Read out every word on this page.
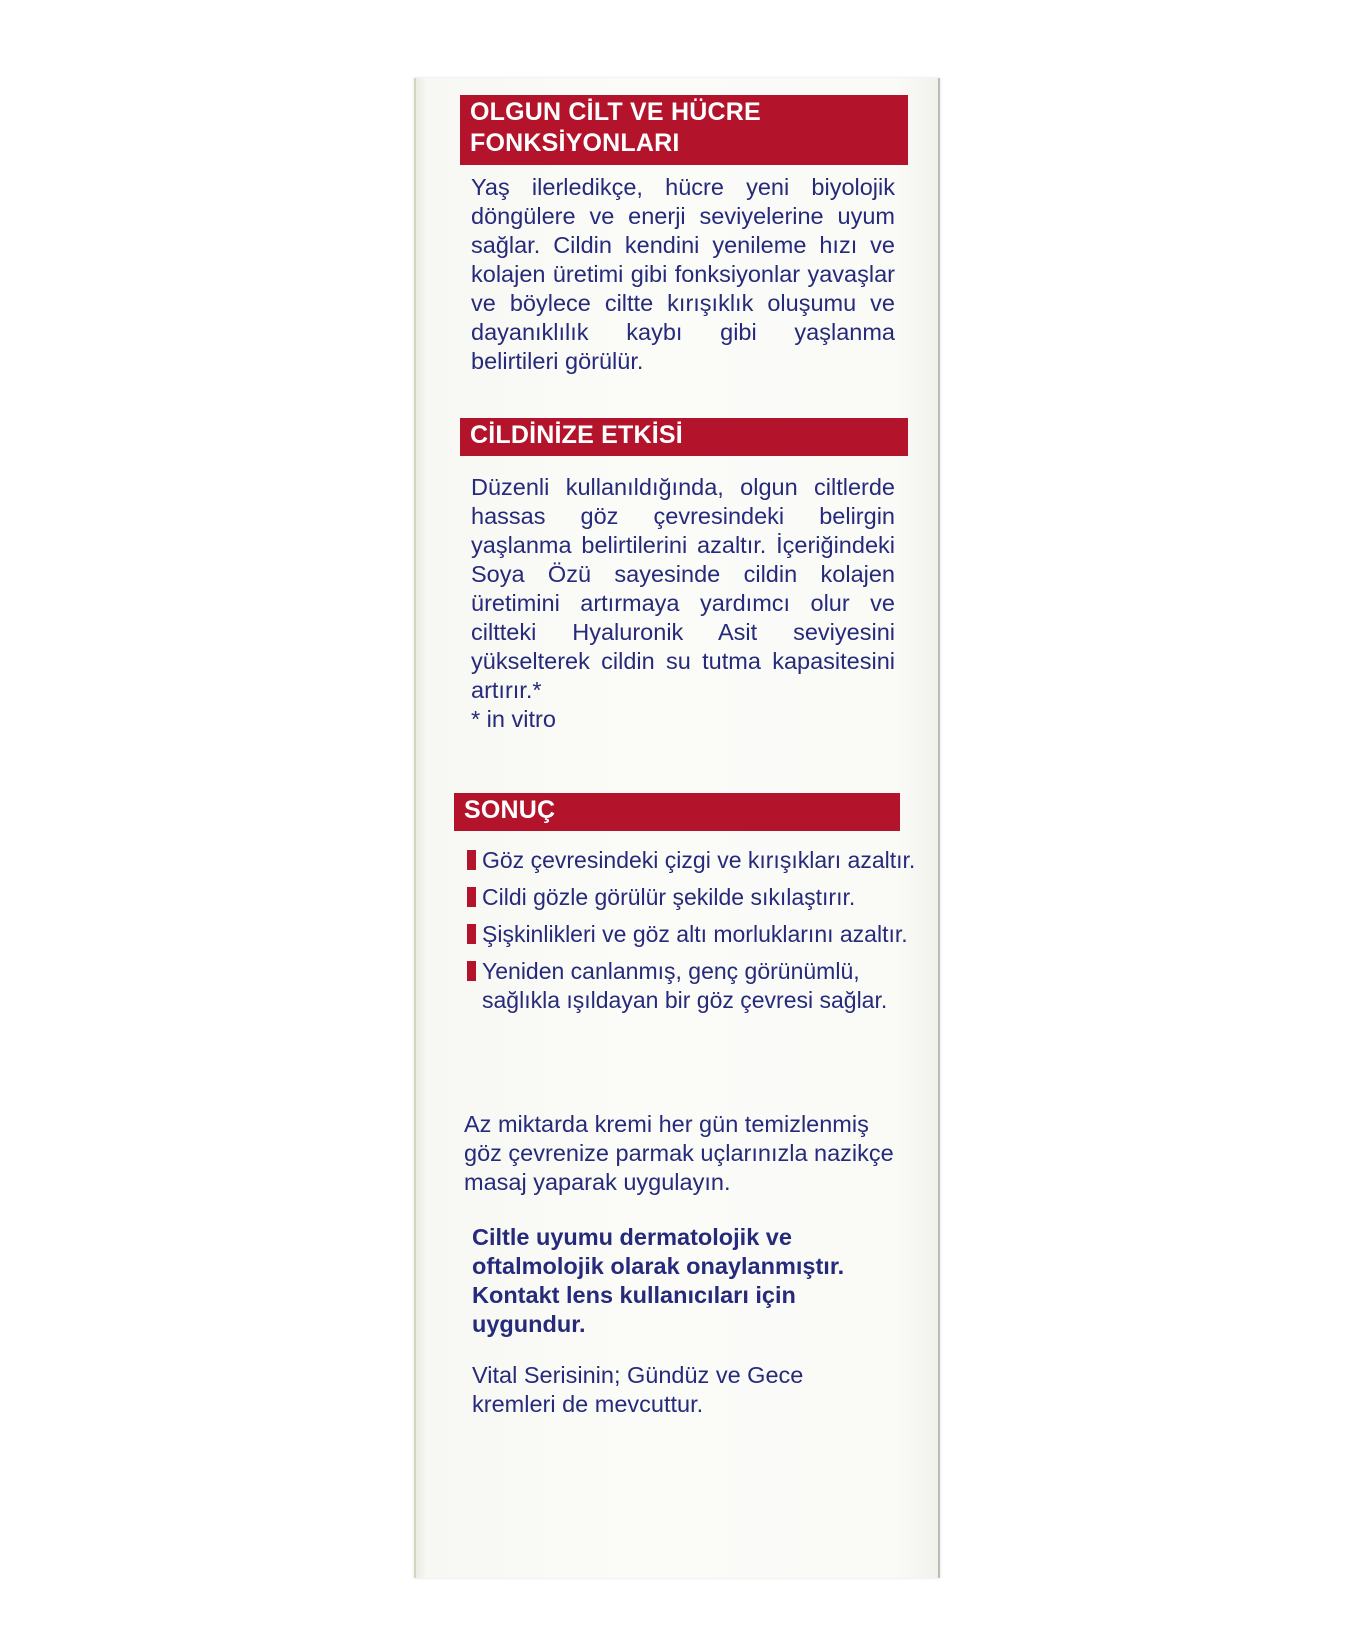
OLGUN CİLT VE HÜCRE
FONKSİYONLARI

Yaş ilerledikçe, hücre yeni biyolojik döngülere ve enerji seviyelerine uyum sağlar. Cildin kendini yenileme hızı ve kolajen üretimi gibi fonksiyonlar yavaşlar ve böylece ciltte kırışıklık oluşumu ve dayanıklılık kaybı gibi yaşlanma belirtileri görülür.

CİLDİNİZE ETKİSİ

Düzenli kullanıldığında, olgun ciltlerde hassas göz çevresindeki belirgin yaşlanma belirtilerini azaltır. İçeriğindeki Soya Özü sayesinde cildin kolajen üretimini artırmaya yardımcı olur ve ciltteki Hyaluronik Asit seviyesini yükselterek cildin su tutma kapasitesini artırır.*

* in vitro

SONUÇ
Göz çevresindeki çizgi ve kırışıkları azaltır.
Cildi gözle görülür şekilde sıkılaştırır.
Şişkinlikleri ve göz altı morluklarını azaltır.
Yeniden canlanmış, genç görünümlü, sağlıkla ışıldayan bir göz çevresi sağlar.

Az miktarda kremi her gün temizlenmiş göz çevrenize parmak uçlarınızla nazikçe masaj yaparak uygulayın.

Ciltle uyumu dermatolojik ve oftalmolojik olarak onaylanmıştır. Kontakt lens kullanıcıları için uygundur.

Vital Serisinin; Gündüz ve Gece kremleri de mevcuttur.
